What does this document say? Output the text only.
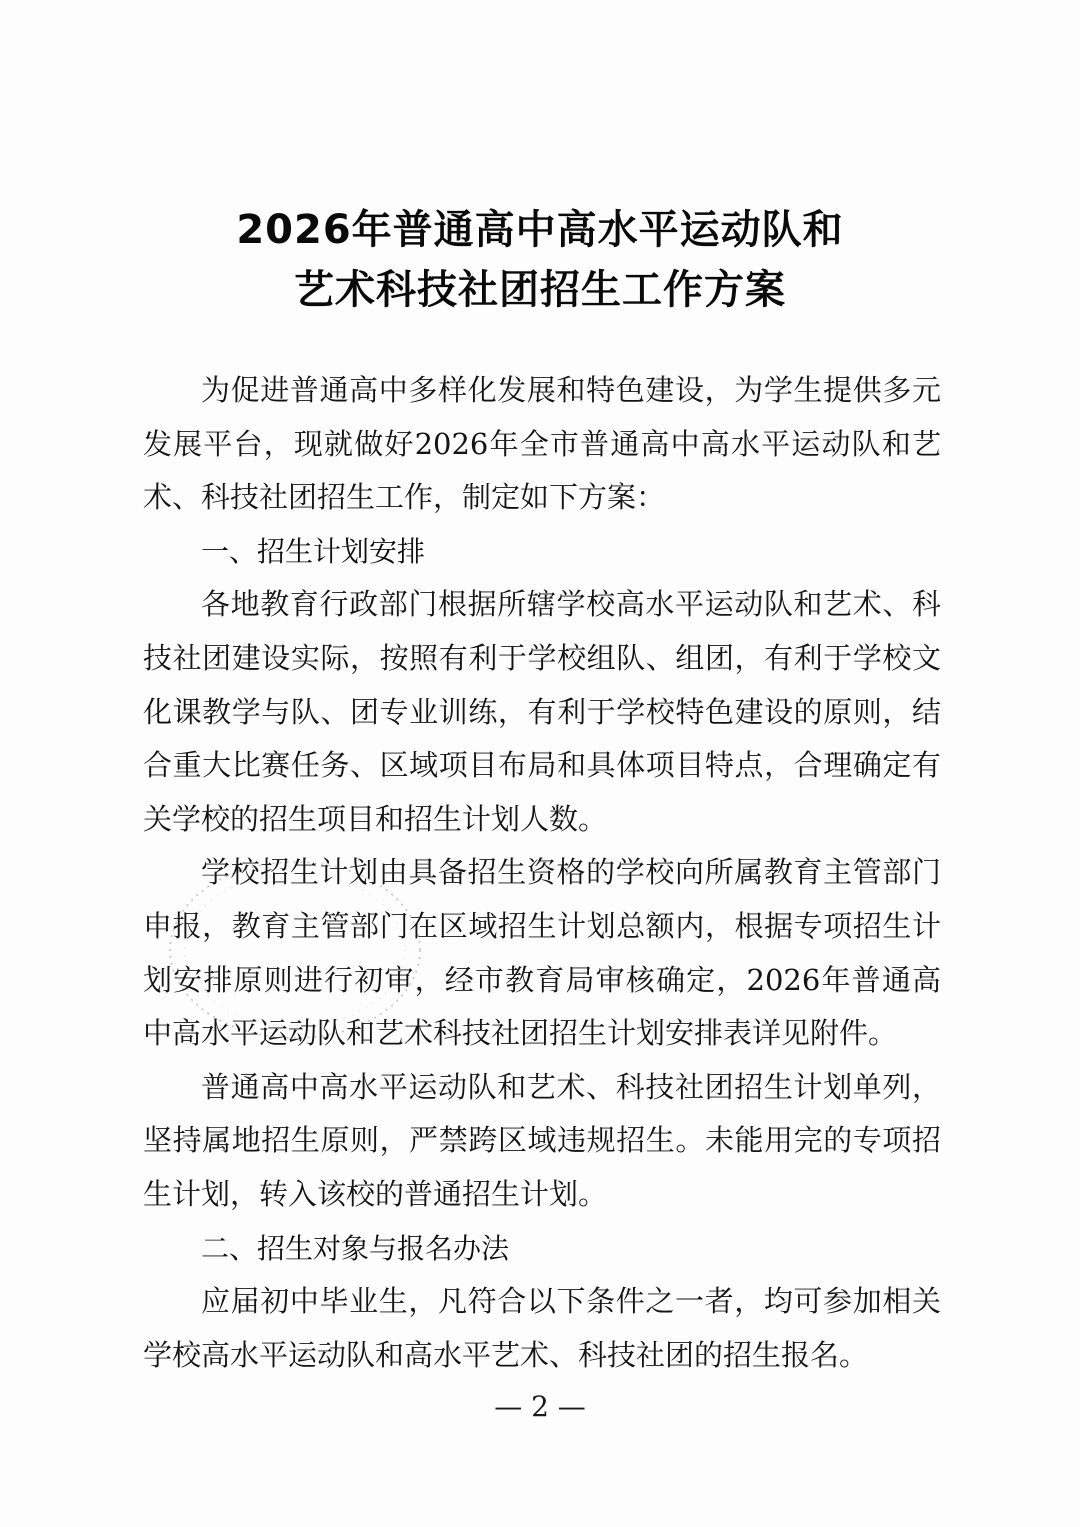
2026年普通高中高水平运动队和
艺术科技社团招生工作方案

为促进普通高中多样化发展和特色建设，为学生提供多元发展平台，现就做好2026年全市普通高中高水平运动队和艺术、科技社团招生工作，制定如下方案：

一、招生计划安排

各地教育行政部门根据所辖学校高水平运动队和艺术、科技社团建设实际，按照有利于学校组队、组团，有利于学校文化课教学与队、团专业训练，有利于学校特色建设的原则，结合重大比赛任务、区域项目布局和具体项目特点，合理确定有关学校的招生项目和招生计划人数。

学校招生计划由具备招生资格的学校向所属教育主管部门申报，教育主管部门在区域招生计划总额内，根据专项招生计划安排原则进行初审，经市教育局审核确定，2026年普通高中高水平运动队和艺术科技社团招生计划安排表详见附件。

普通高中高水平运动队和艺术、科技社团招生计划单列，坚持属地招生原则，严禁跨区域违规招生。未能用完的专项招生计划，转入该校的普通招生计划。

二、招生对象与报名办法

应届初中毕业生，凡符合以下条件之一者，均可参加相关学校高水平运动队和高水平艺术、科技社团的招生报名。

— 2 —
